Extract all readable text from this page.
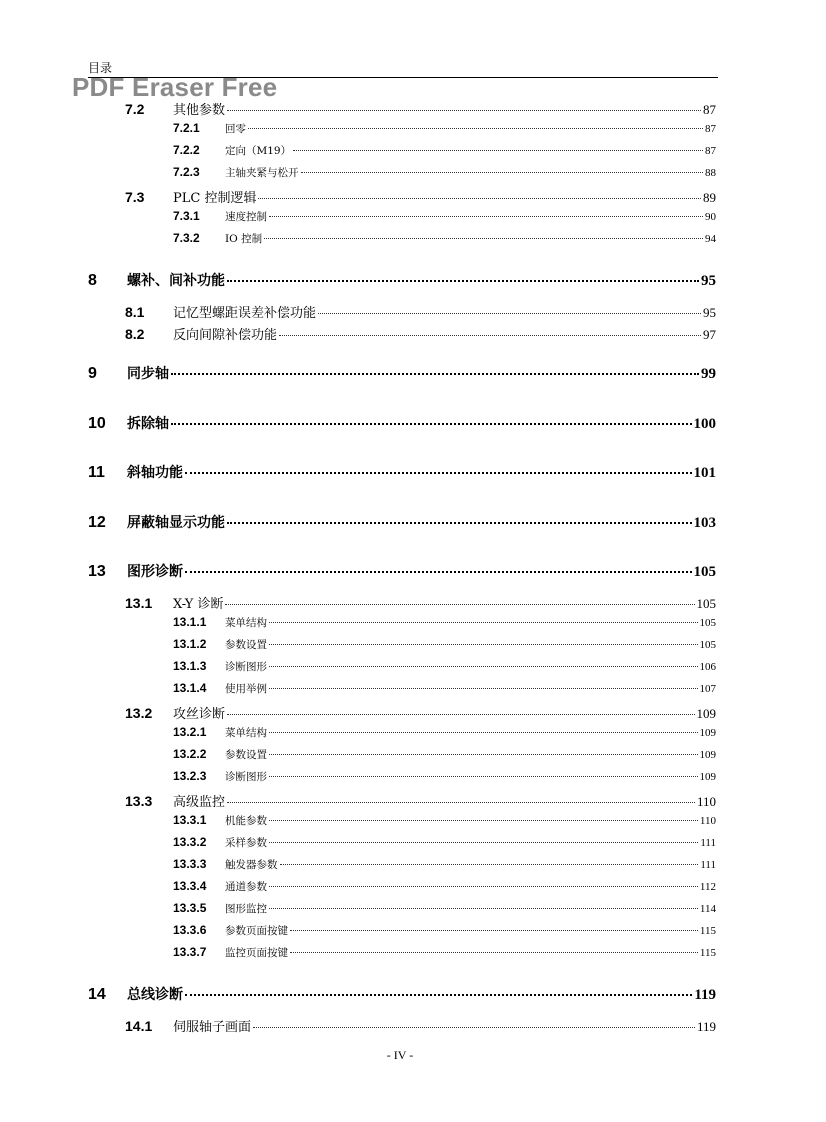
目录
PDF Eraser Free
7.2	其他参数	87
7.2.1	回零	87
7.2.2	定向（M19）	87
7.2.3	主轴夹紧与松开	88
7.3	PLC 控制逻辑	89
7.3.1	速度控制	90
7.3.2	IO 控制	94
8	螺补、间补功能	95
8.1	记忆型螺距误差补偿功能	95
8.2	反向间隙补偿功能	97
9	同步轴	99
10	拆除轴	100
11	斜轴功能	101
12	屏蔽轴显示功能	103
13	图形诊断	105
13.1	X-Y 诊断	105
13.1.1	菜单结构	105
13.1.2	参数设置	105
13.1.3	诊断图形	106
13.1.4	使用举例	107
13.2	攻丝诊断	109
13.2.1	菜单结构	109
13.2.2	参数设置	109
13.2.3	诊断图形	109
13.3	高级监控	110
13.3.1	机能参数	110
13.3.2	采样参数	111
13.3.3	触发器参数	111
13.3.4	通道参数	112
13.3.5	图形监控	114
13.3.6	参数页面按键	115
13.3.7	监控页面按键	115
14	总线诊断	119
14.1	伺服轴子画面	119
- IV -
